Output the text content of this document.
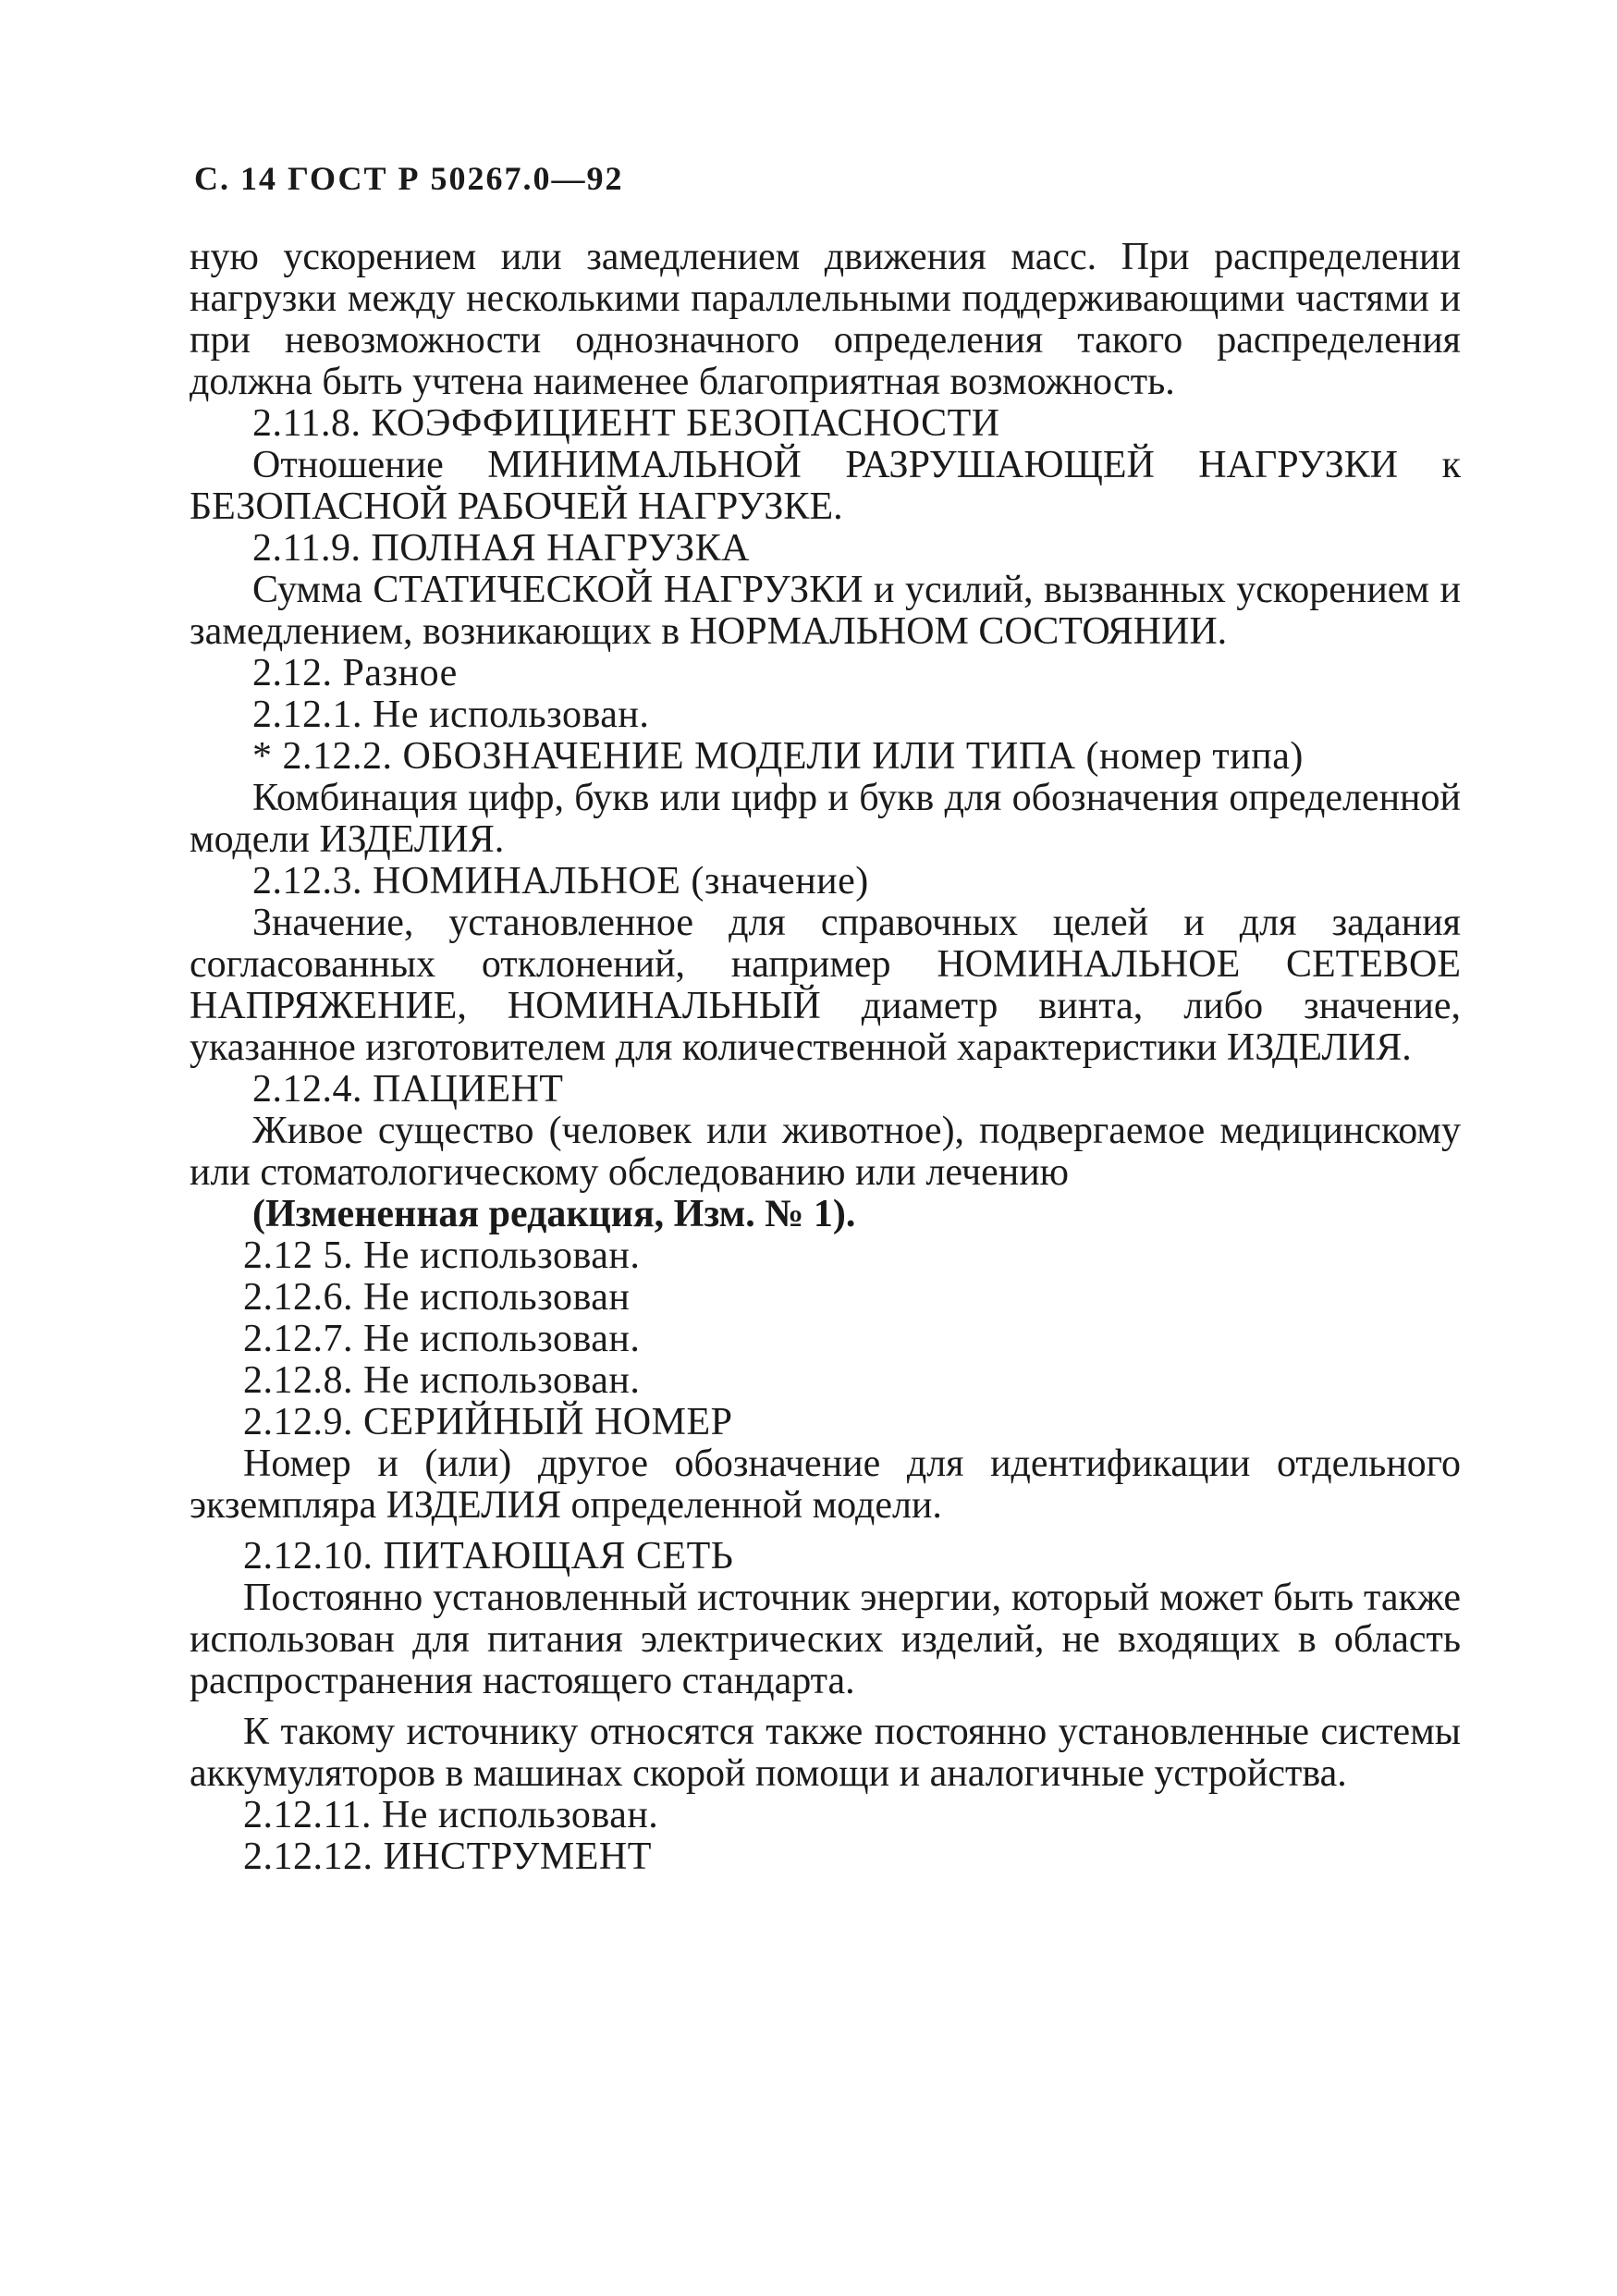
С. 14 ГОСТ Р 50267.0—92

ную ускорением или замедлением движения масс. При распределении нагрузки между несколькими параллельными поддерживающими частями и при невозможности однозначного определения такого распределения должна быть учтена наименее благоприятная возможность.

2.11.8. КОЭФФИЦИЕНТ БЕЗОПАСНОСТИ

Отношение МИНИМАЛЬНОЙ РАЗРУШАЮЩЕЙ НАГРУЗКИ к БЕЗОПАСНОЙ РАБОЧЕЙ НАГРУЗКЕ.

2.11.9. ПОЛНАЯ НАГРУЗКА

Сумма СТАТИЧЕСКОЙ НАГРУЗКИ и усилий, вызванных ускорением и замедлением, возникающих в НОРМАЛЬНОМ СОСТОЯНИИ.

2.12. Разное

2.12.1. Не использован.

* 2.12.2. ОБОЗНАЧЕНИЕ МОДЕЛИ ИЛИ ТИПА (номер типа)

Комбинация цифр, букв или цифр и букв для обозначения определенной модели ИЗДЕЛИЯ.

2.12.3. НОМИНАЛЬНОЕ (значение)

Значение, установленное для справочных целей и для задания согласованных отклонений, например НОМИНАЛЬНОЕ СЕТЕВОЕ НАПРЯЖЕНИЕ, НОМИНАЛЬНЫЙ диаметр винта, либо значение, указанное изготовителем для количественной характеристики ИЗДЕЛИЯ.

2.12.4. ПАЦИЕНТ

Живое существо (человек или животное), подвергаемое медицинскому или стоматологическому обследованию или лечению

(Измененная редакция, Изм. № 1).

2.12 5. Не использован.

2.12.6. Не использован

2.12.7. Не использован.

2.12.8. Не использован.

2.12.9. СЕРИЙНЫЙ НОМЕР

Номер и (или) другое обозначение для идентификации отдельного экземпляра ИЗДЕЛИЯ определенной модели.

2.12.10. ПИТАЮЩАЯ СЕТЬ

Постоянно установленный источник энергии, который может быть также использован для питания электрических изделий, не входящих в область распространения настоящего стандарта.

К такому источнику относятся также постоянно установленные системы аккумуляторов в машинах скорой помощи и аналогичные устройства.

2.12.11. Не использован.

2.12.12. ИНСТРУМЕНТ
